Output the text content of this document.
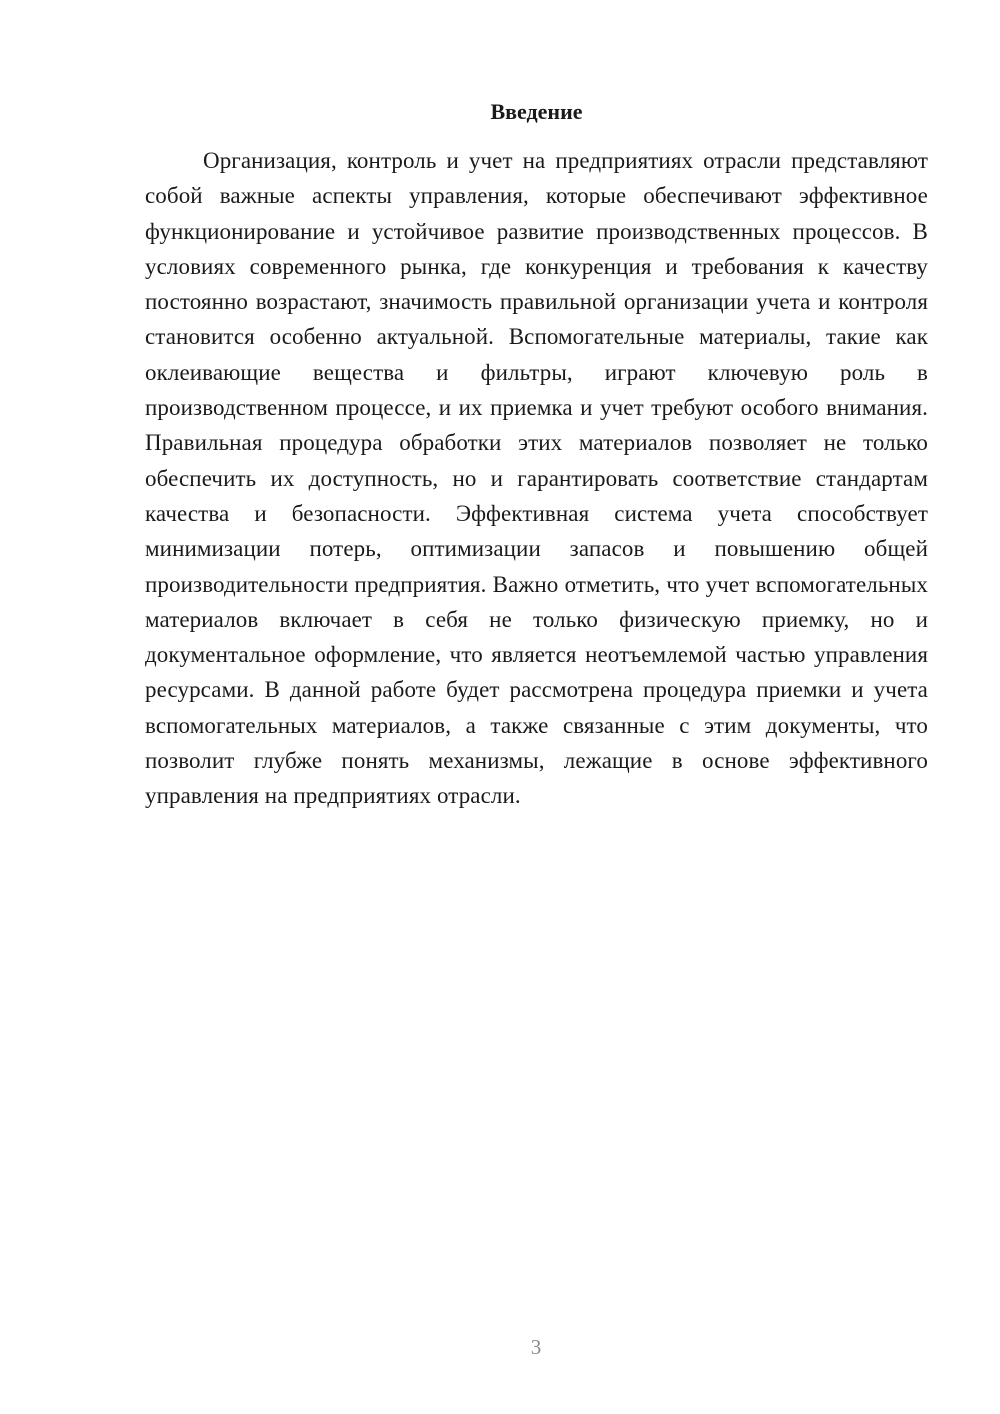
Введение

Организация, контроль и учет на предприятиях отрасли представляют собой важные аспекты управления, которые обеспечивают эффективное функционирование и устойчивое развитие производственных процессов. В условиях современного рынка, где конкуренция и требования к качеству постоянно возрастают, значимость правильной организации учета и контроля становится особенно актуальной. Вспомогательные материалы, такие как оклеивающие вещества и фильтры, играют ключевую роль в производственном процессе, и их приемка и учет требуют особого внимания. Правильная процедура обработки этих материалов позволяет не только обеспечить их доступность, но и гарантировать соответствие стандартам качества и безопасности. Эффективная система учета способствует минимизации потерь, оптимизации запасов и повышению общей производительности предприятия. Важно отметить, что учет вспомогательных материалов включает в себя не только физическую приемку, но и документальное оформление, что является неотъемлемой частью управления ресурсами. В данной работе будет рассмотрена процедура приемки и учета вспомогательных материалов, а также связанные с этим документы, что позволит глубже понять механизмы, лежащие в основе эффективного управления на предприятиях отрасли.

3
